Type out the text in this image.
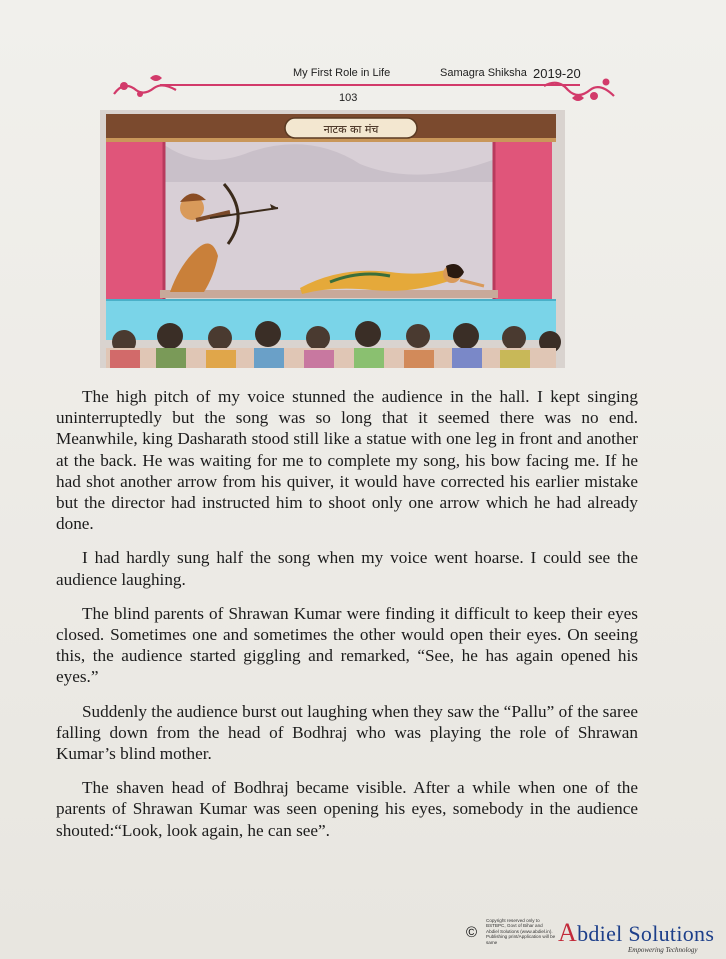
My First Role in Life	Samagra Shiksha 2019-20
103
नाटक का मंच

The high pitch of my voice stunned the audience in the hall. I kept singing uninterruptedly but the song was so long that it seemed there was no end. Meanwhile, king Dasharath stood still like a statue with one leg in front and another at the back. He was waiting for me to complete my song, his bow facing me. If he had shot another arrow from his quiver, it would have corrected his earlier mistake but the director had instructed him to shoot only one arrow which he had already done.

I had hardly sung half the song when my voice went hoarse. I could see the audience laughing.

The blind parents of Shrawan Kumar were finding it difficult to keep their eyes closed. Sometimes one and sometimes the other would open their eyes. On seeing this, the audience started giggling and remarked, “See, he has again opened his eyes.”

Suddenly the audience burst out laughing when they saw the “Pallu” of the saree falling down from the head of Bodhraj who was playing the role of Shrawan Kumar’s blind mother.

The shaven head of Bodhraj became visible. After a while when one of the parents of Shrawan Kumar was seen opening his eyes, somebody in the audience shouted:“Look, look again, he can see”.

©
Copyright reserved only to BSTBPC, Govt of Bihar and Abdiel Solutions (www.abdiel.in). Publishing print/Application will be same	Abdiel Solutions
Empowering Technology
